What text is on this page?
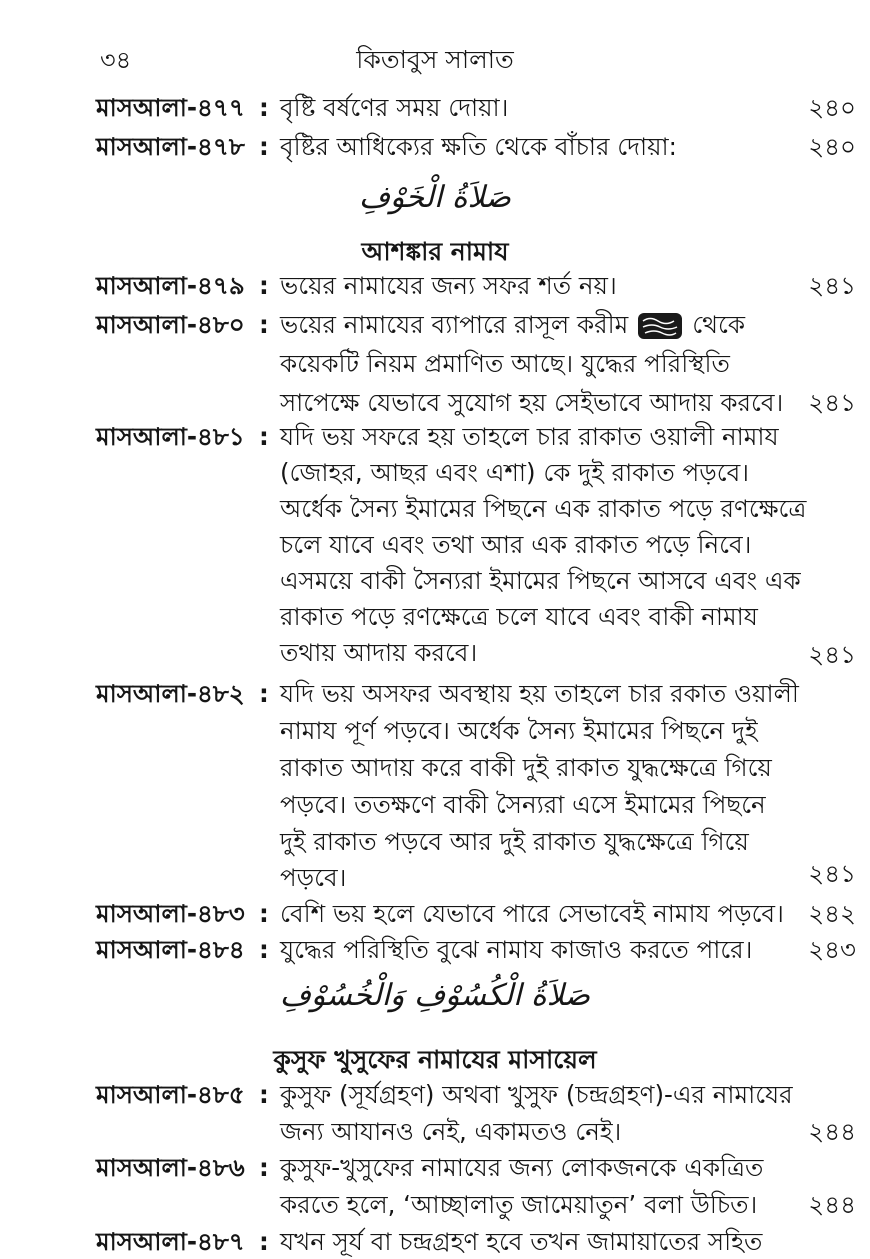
৩৪	কিতাবুস সালাত
মাসআলা-৪৭৭ : বৃষ্টি বর্ষণের সময় দোয়া।	২৪০
মাসআলা-৪৭৮ : বৃষ্টির আধিক্যের ক্ষতি থেকে বাঁচার দোয়া:	২৪০
صَلاَةُ الْخَوْفِ
আশঙ্কার নামায
মাসআলা-৪৭৯ : ভয়ের নামাযের জন্য সফর শর্ত নয়।	২৪১
মাসআলা-৪৮০ : ভয়ের নামাযের ব্যাপারে রাসূল করীম	থেকে
কয়েকটি নিয়ম প্রমাণিত আছে। যুদ্ধের পরিস্থিতি
সাপেক্ষে যেভাবে সুযোগ হয় সেইভাবে আদায় করবে। ২৪১
মাসআলা-৪৮১ : যদি ভয় সফরে হয় তাহলে চার রাকাত ওয়ালী নামায
(জোহর, আছর এবং এশা) কে দুই রাকাত পড়বে।
অর্ধেক সৈন্য ইমামের পিছনে এক রাকাত পড়ে রণক্ষেত্রে
চলে যাবে এবং তথা আর এক রাকাত পড়ে নিবে।
এসময়ে বাকী সৈন্যরা ইমামের পিছনে আসবে এবং এক
রাকাত পড়ে রণক্ষেত্রে চলে যাবে এবং বাকী নামায
তথায় আদায় করবে।	২৪১
মাসআলা-৪৮২ : যদি ভয় অসফর অবস্থায় হয় তাহলে চার রকাত ওয়ালী
নামায পূর্ণ পড়বে। অর্ধেক সৈন্য ইমামের পিছনে দুই
রাকাত আদায় করে বাকী দুই রাকাত যুদ্ধক্ষেত্রে গিয়ে
পড়বে। ততক্ষণে বাকী সৈন্যরা এসে ইমামের পিছনে
দুই রাকাত পড়বে আর দুই রাকাত যুদ্ধক্ষেত্রে গিয়ে
পড়বে।	২৪১
মাসআলা-৪৮৩ : বেশি ভয় হলে যেভাবে পারে সেভাবেই নামায পড়বে। ২৪২
মাসআলা-৪৮৪ : যুদ্ধের পরিস্থিতি বুঝে নামায কাজাও করতে পারে। ২৪৩
صَلاَةُ الْكُسُوْفِ وَالْخُسُوْفِ
কুসুফ খুসুফের নামাযের মাসায়েল
মাসআলা-৪৮৫ : কুসুফ (সূর্যগ্রহণ) অথবা খুসুফ (চন্দ্রগ্রহণ)-এর নামাযের
জন্য আযানও নেই, একামতও নেই।	২৪৪
মাসআলা-৪৮৬ : কুসুফ-খুসুফের নামাযের জন্য লোকজনকে একত্রিত
করতে হলে, ‘আচ্ছালাতু জামেয়াতুন’ বলা উচিত। ২৪৪
মাসআলা-৪৮৭ : যখন সূর্য বা চন্দ্রগ্রহণ হবে তখন জামায়াতের সহিত
